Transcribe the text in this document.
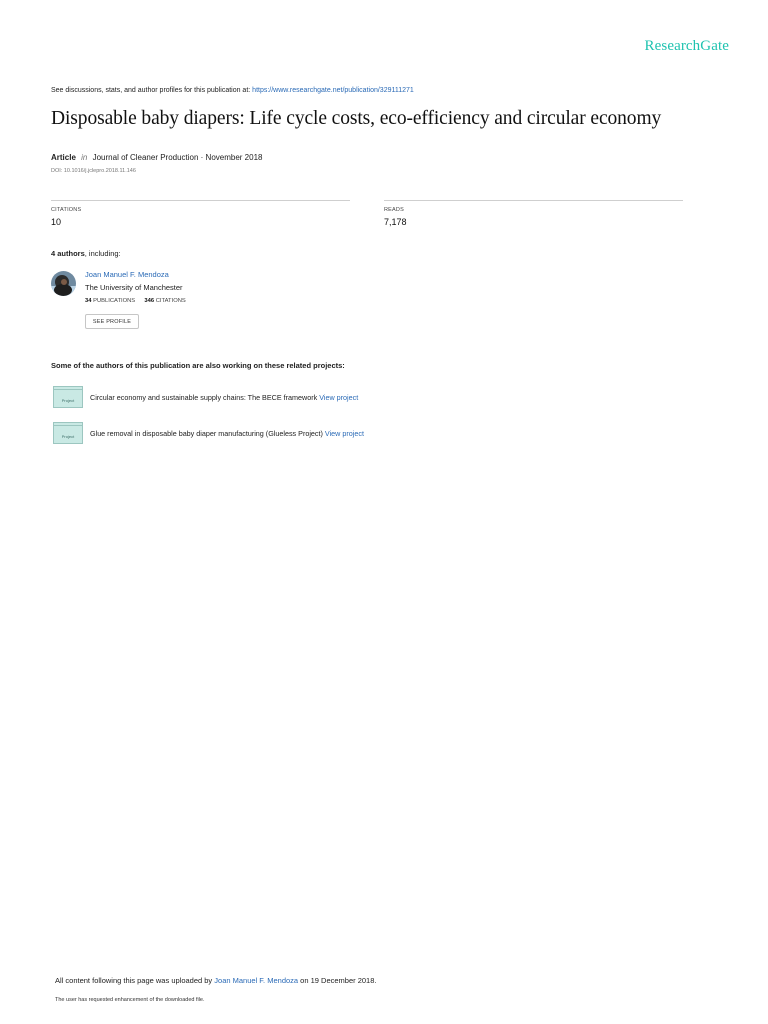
ResearchGate
See discussions, stats, and author profiles for this publication at: https://www.researchgate.net/publication/329111271
Disposable baby diapers: Life cycle costs, eco-efficiency and circular economy
Article in Journal of Cleaner Production · November 2018
DOI: 10.1016/j.jclepro.2018.11.146
CITATIONS
10
READS
7,178
4 authors, including:
Joan Manuel F. Mendoza
The University of Manchester
34 PUBLICATIONS 346 CITATIONS
SEE PROFILE
Some of the authors of this publication are also working on these related projects:
Project	Circular economy and sustainable supply chains: The BECE framework View project
Project	Glue removal in disposable baby diaper manufacturing (Glueless Project) View project
All content following this page was uploaded by Joan Manuel F. Mendoza on 19 December 2018.
The user has requested enhancement of the downloaded file.
